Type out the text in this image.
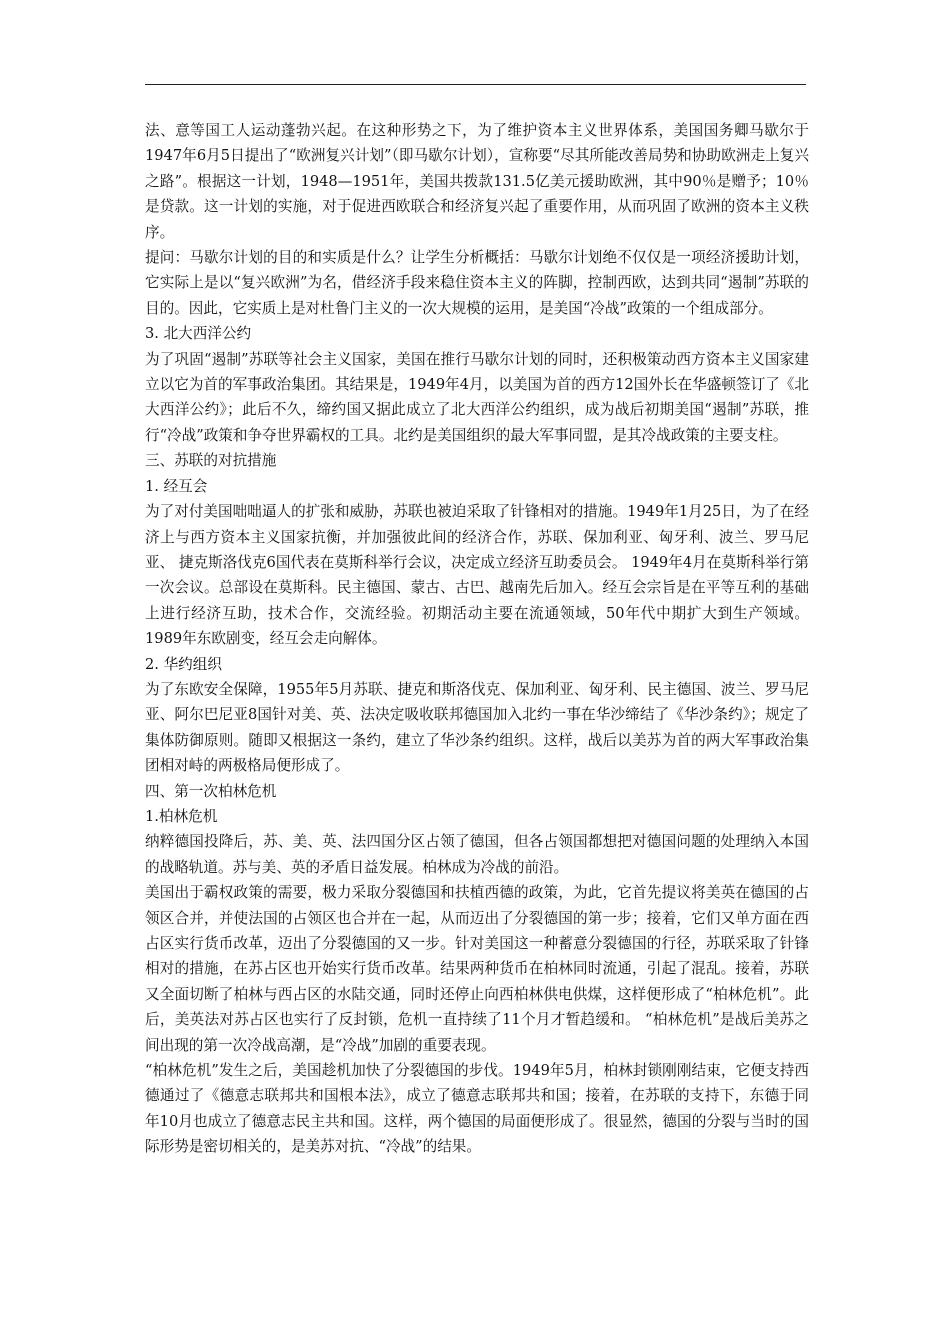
法、意等国工人运动蓬勃兴起。在这种形势之下，为了维护资本主义世界体系，美国国务卿马歇尔于1947年6月5日提出了“欧洲复兴计划”（即马歇尔计划），宣称要“尽其所能改善局势和协助欧洲走上复兴之路”。根据这一计划，1948—1951年，美国共拨款131.5亿美元援助欧洲，其中90％是赠予；10％是贷款。这一计划的实施，对于促进西欧联合和经济复兴起了重要作用，从而巩固了欧洲的资本主义秩序。

提问：马歇尔计划的目的和实质是什么？让学生分析概括：马歇尔计划绝不仅仅是一项经济援助计划，它实际上是以“复兴欧洲”为名，借经济手段来稳住资本主义的阵脚，控制西欧，达到共同“遏制”苏联的目的。因此，它实质上是对杜鲁门主义的一次大规模的运用，是美国“冷战”政策的一个组成部分。

3. 北大西洋公约

为了巩固“遏制”苏联等社会主义国家，美国在推行马歇尔计划的同时，还积极策动西方资本主义国家建立以它为首的军事政治集团。其结果是，1949年4月，以美国为首的西方12国外长在华盛顿签订了《北大西洋公约》；此后不久，缔约国又据此成立了北大西洋公约组织，成为战后初期美国“遏制”苏联，推行“冷战”政策和争夺世界霸权的工具。北约是美国组织的最大军事同盟，是其冷战政策的主要支柱。

三、苏联的对抗措施

1. 经互会

为了对付美国咄咄逼人的扩张和威胁，苏联也被迫采取了针锋相对的措施。1949年1月25日，为了在经济上与西方资本主义国家抗衡，并加强彼此间的经济合作，苏联、保加利亚、匈牙利、波兰、罗马尼亚、 捷克斯洛伐克6国代表在莫斯科举行会议，决定成立经济互助委员会。 1949年4月在莫斯科举行第一次会议。总部设在莫斯科。民主德国、蒙古、古巴、越南先后加入。经互会宗旨是在平等互利的基础上进行经济互助，技术合作，交流经验。初期活动主要在流通领域，50年代中期扩大到生产领域。 1989年东欧剧变，经互会走向解体。

2. 华约组织

为了东欧安全保障，1955年5月苏联、捷克和斯洛伐克、保加利亚、匈牙利、民主德国、波兰、罗马尼亚、阿尔巴尼亚8国针对美、英、法决定吸收联邦德国加入北约一事在华沙缔结了《华沙条约》；规定了集体防御原则。随即又根据这一条约，建立了华沙条约组织。这样，战后以美苏为首的两大军事政治集团相对峙的两极格局便形成了。

四、第一次柏林危机

1.柏林危机

纳粹德国投降后，苏、美、英、法四国分区占领了德国，但各占领国都想把对德国问题的处理纳入本国的战略轨道。苏与美、英的矛盾日益发展。柏林成为冷战的前沿。

美国出于霸权政策的需要，极力采取分裂德国和扶植西德的政策，为此，它首先提议将美英在德国的占领区合并，并使法国的占领区也合并在一起，从而迈出了分裂德国的第一步；接着，它们又单方面在西占区实行货币改革，迈出了分裂德国的又一步。针对美国这一种蓄意分裂德国的行径，苏联采取了针锋相对的措施，在苏占区也开始实行货币改革。结果两种货币在柏林同时流通，引起了混乱。接着，苏联又全面切断了柏林与西占区的水陆交通，同时还停止向西柏林供电供煤，这样便形成了“柏林危机”。此后，美英法对苏占区也实行了反封锁，危机一直持续了11个月才暂趋缓和。 “柏林危机”是战后美苏之间出现的第一次冷战高潮，是“冷战”加剧的重要表现。

“柏林危机”发生之后，美国趁机加快了分裂德国的步伐。1949年5月，柏林封锁刚刚结束，它便支持西德通过了《德意志联邦共和国根本法》，成立了德意志联邦共和国；接着，在苏联的支持下，东德于同年10月也成立了德意志民主共和国。这样，两个德国的局面便形成了。很显然，德国的分裂与当时的国际形势是密切相关的，是美苏对抗、“冷战”的结果。
